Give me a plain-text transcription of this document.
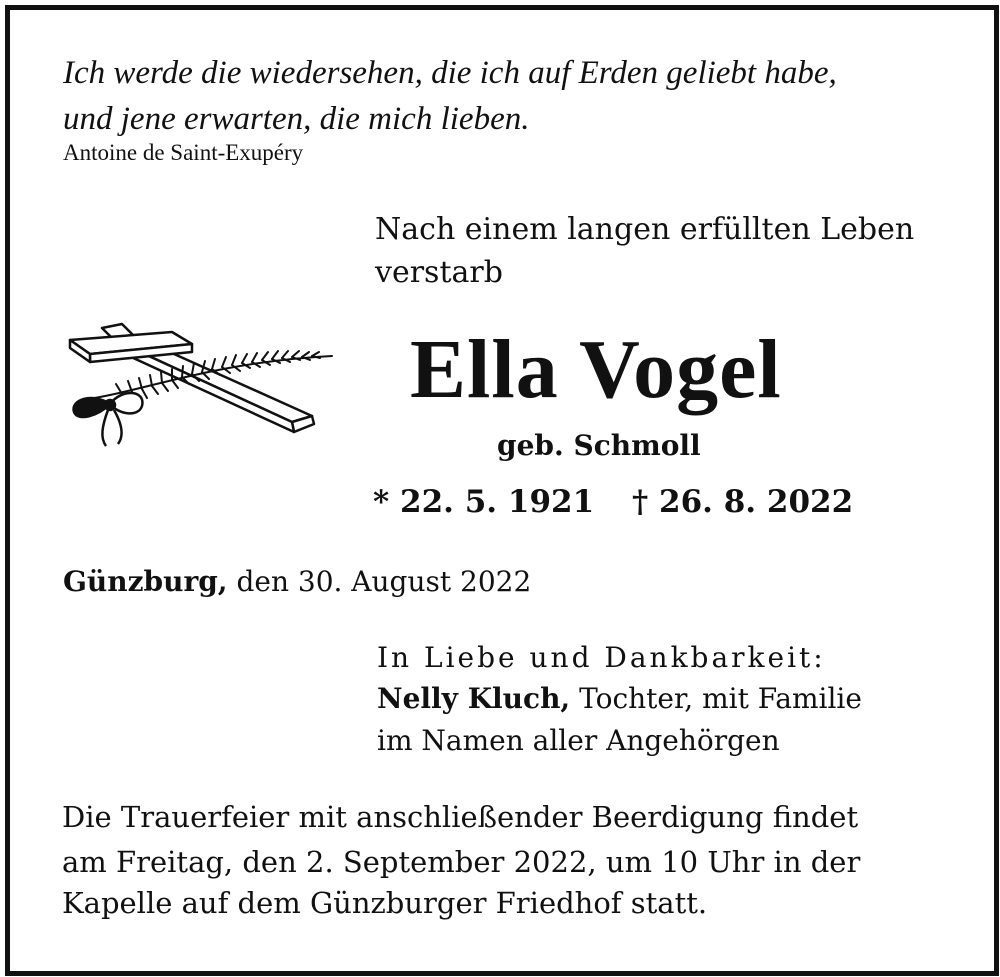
Ich werde die wiedersehen, die ich auf Erden geliebt habe,
und jene erwarten, die mich lieben.
Antoine de Saint-Exupéry
Nach einem langen erfüllten Leben
verstarb
Ella Vogel
geb. Schmoll
* 22. 5. 1921 † 26. 8. 2022
Günzburg, den 30. August 2022
In Liebe und Dankbarkeit:
Nelly Kluch, Tochter, mit Familie
im Namen aller Angehörgen
Die Trauerfeier mit anschließender Beerdigung findet
am Freitag, den 2. September 2022, um 10 Uhr in der
Kapelle auf dem Günzburger Friedhof statt.
